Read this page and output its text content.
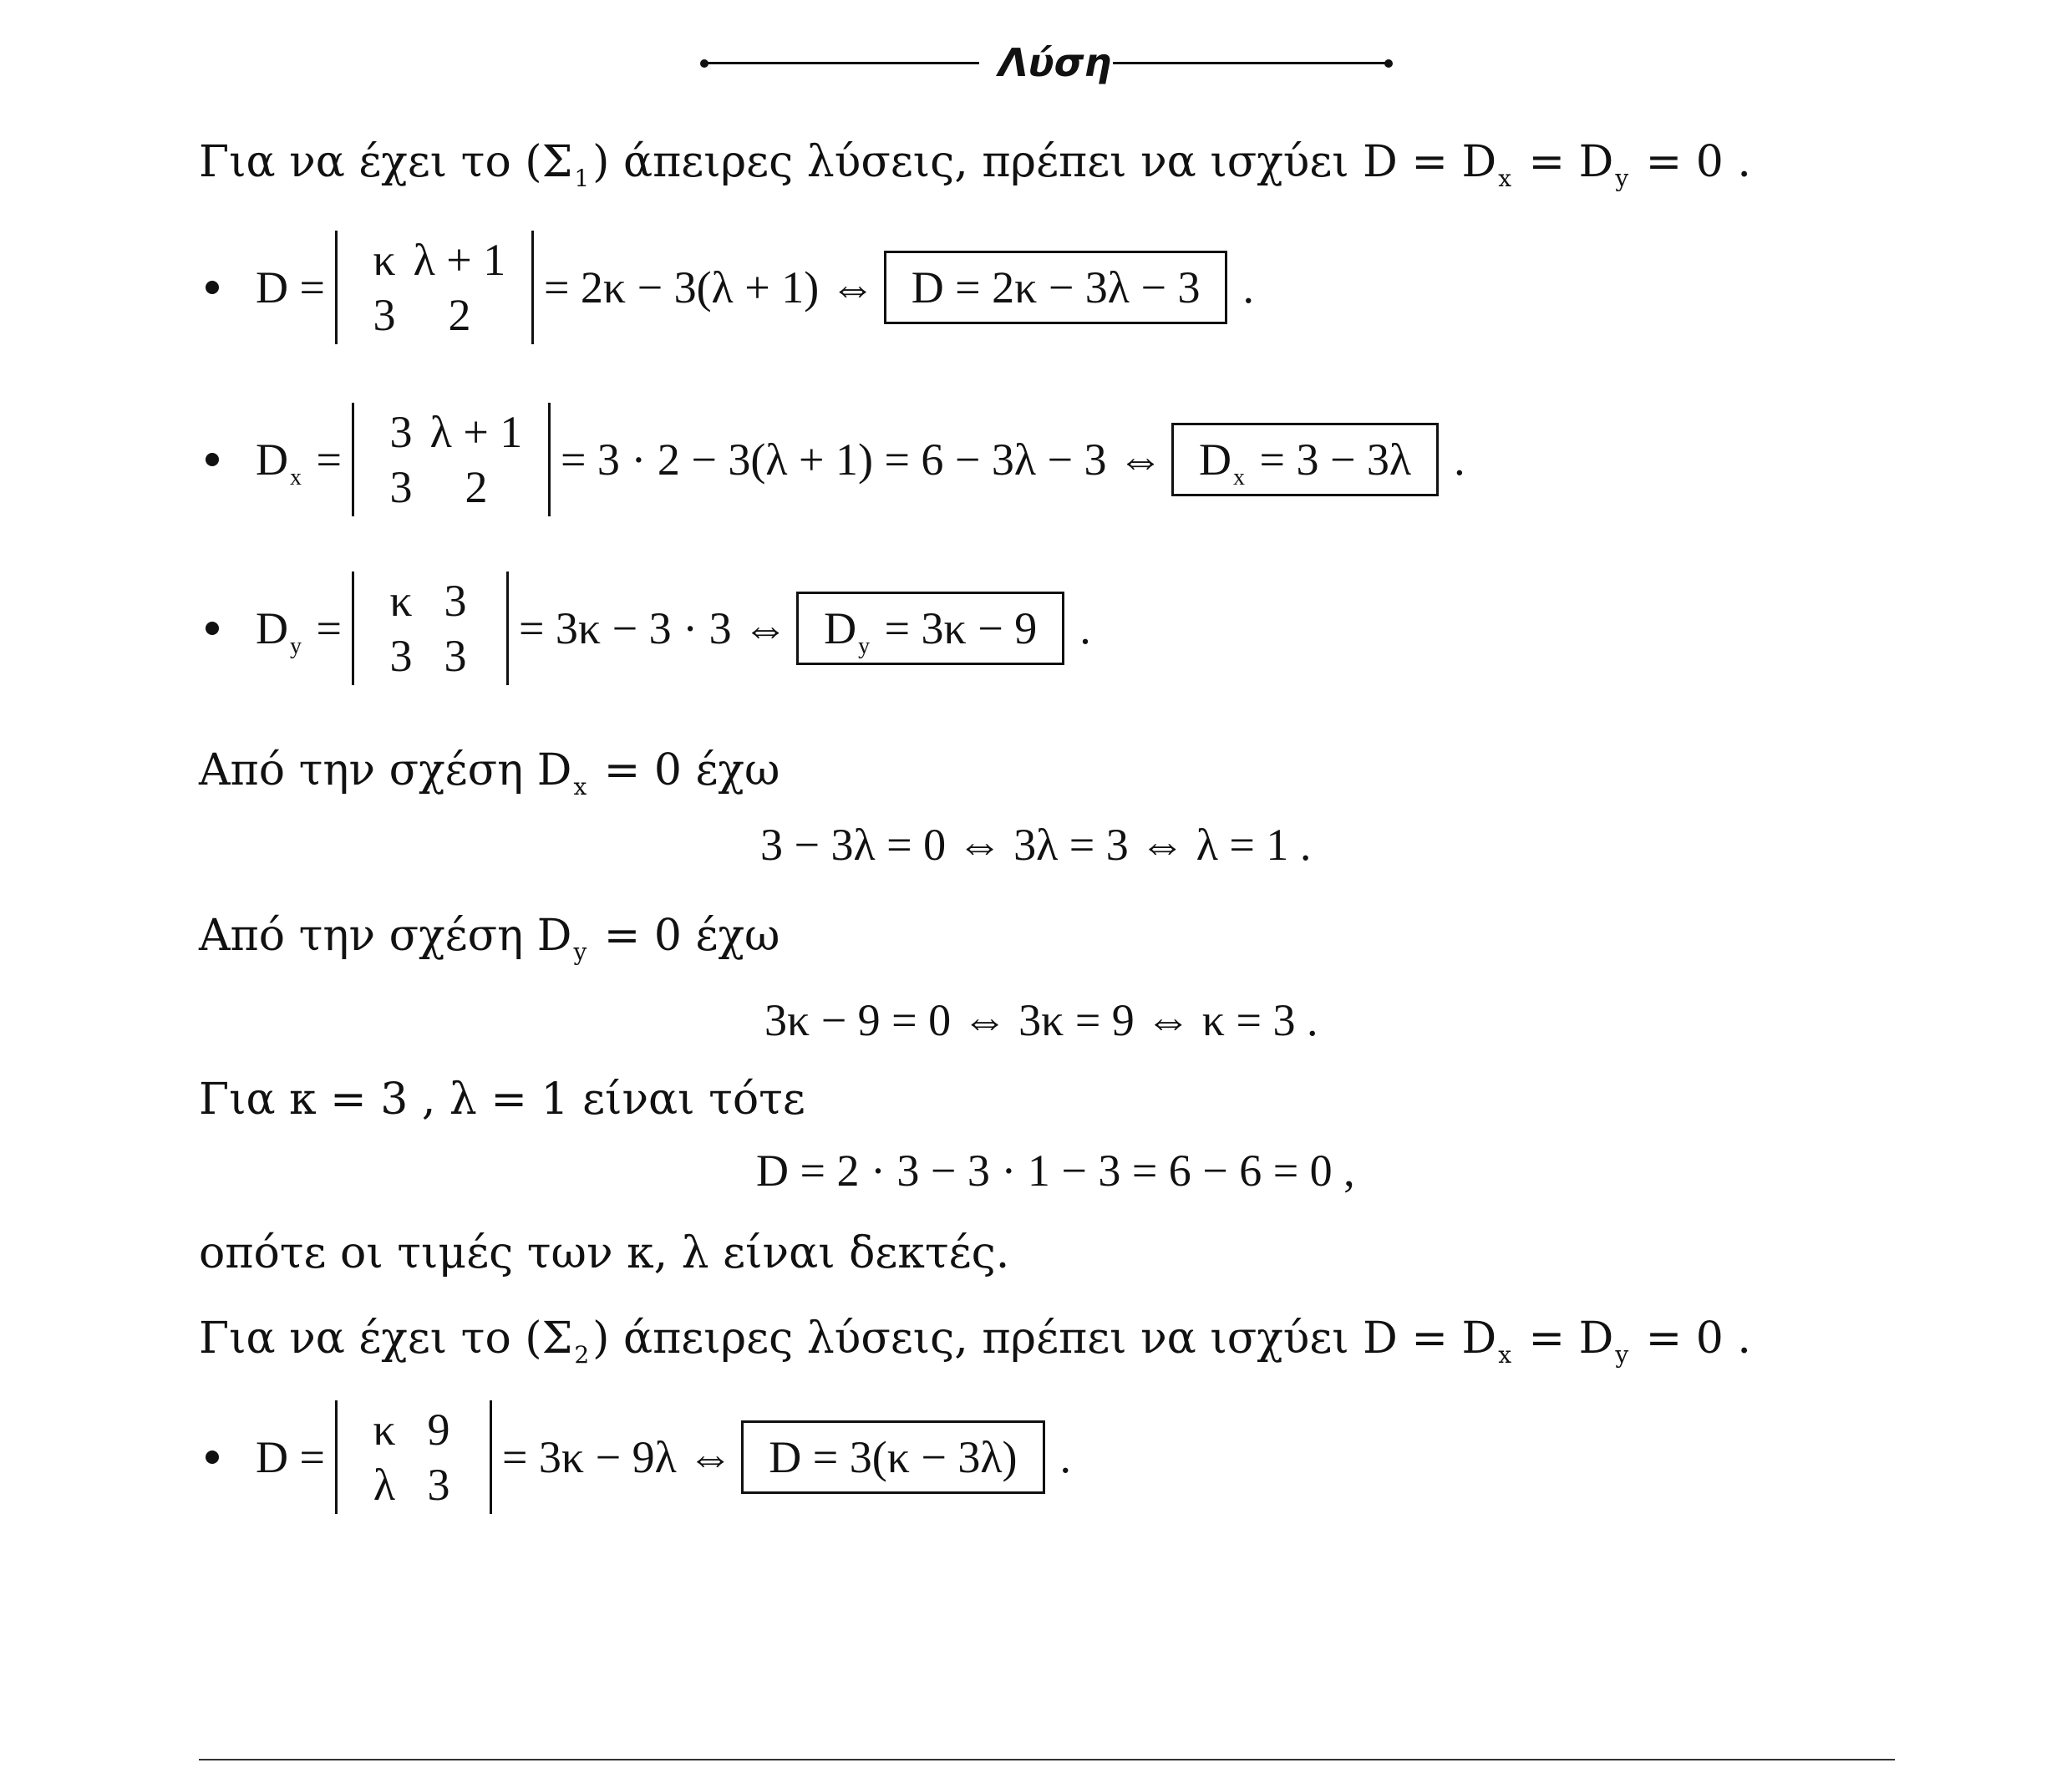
Λύση
Για να έχει το $(\Sigma_1)$ άπειρες λύσεις, πρέπει να ισχύει $D = D_x = D_y = 0$ .
D =
κ λ + 1
3	2
= 2κ − 3(λ + 1) ⇔ D = 2κ − 3λ − 3 .
$D_x$ =
3 λ + 1
3	2
= 3 · 2 − 3(λ + 1) = 6 − 3λ − 3 ⇔ $D_x = 3 - 3\lambda$ .
$D_y$ =
κ 3
3 3
= 3κ − 3 · 3 ⇔ $D_y = 3\kappa - 9$ .
Από την σχέση $D_x = 0$ έχω
3 − 3λ = 0 ⇔ 3λ = 3 ⇔ λ = 1 .
Από την σχέση $D_y = 0$ έχω
3κ − 9 = 0 ⇔ 3κ = 9 ⇔ κ = 3 .
Για κ = 3 , λ = 1 είναι τότε
D = 2 · 3 − 3 · 1 − 3 = 6 − 6 = 0 ,
οπότε οι τιμές των κ, λ είναι δεκτές.
Για να έχει το $(\Sigma_2)$ άπειρες λύσεις, πρέπει να ισχύει $D = D_x = D_y = 0$ .
D =
κ 9
λ 3
= 3κ − 9λ ⇔ D = 3(κ − 3λ) .
